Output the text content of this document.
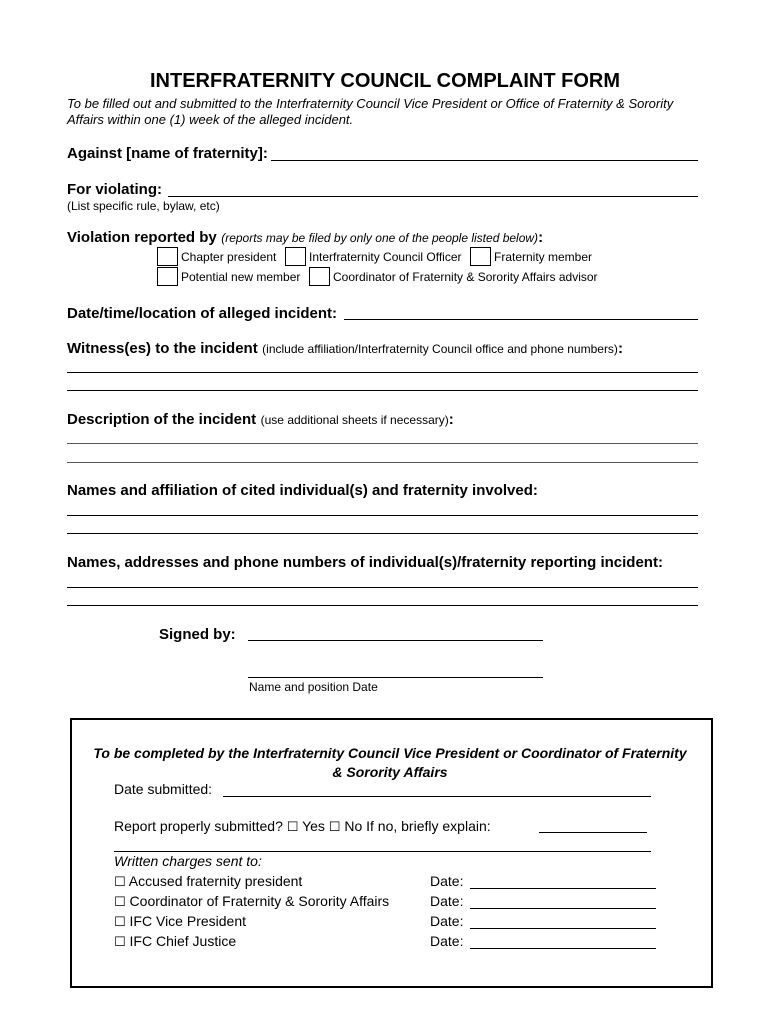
INTERFRATERNITY COUNCIL COMPLAINT FORM
To be filled out and submitted to the Interfraternity Council Vice President or Office of Fraternity & Sorority Affairs within one (1) week of the alleged incident.
Against [name of fraternity]:
For violating:
(List specific rule, bylaw, etc)
Violation reported by (reports may be filed by only one of the people listed below):
Chapter president	Interfraternity Council Officer	Fraternity member
Potential new member	Coordinator of Fraternity & Sorority Affairs advisor
Date/time/location of alleged incident:
Witness(es) to the incident (include affiliation/Interfraternity Council office and phone numbers):
Description of the incident (use additional sheets if necessary):
Names and affiliation of cited individual(s) and fraternity involved:
Names, addresses and phone numbers of individual(s)/fraternity reporting incident:
Signed by:
Name and position Date
To be completed by the Interfraternity Council Vice President or Coordinator of Fraternity & Sorority Affairs
Date submitted:
Report properly submitted? ☐ Yes ☐ No If no, briefly explain:
Written charges sent to:
☐ Accused fraternity president	Date:
☐ Coordinator of Fraternity & Sorority Affairs	Date:
☐ IFC Vice President	Date:
☐ IFC Chief Justice	Date:
